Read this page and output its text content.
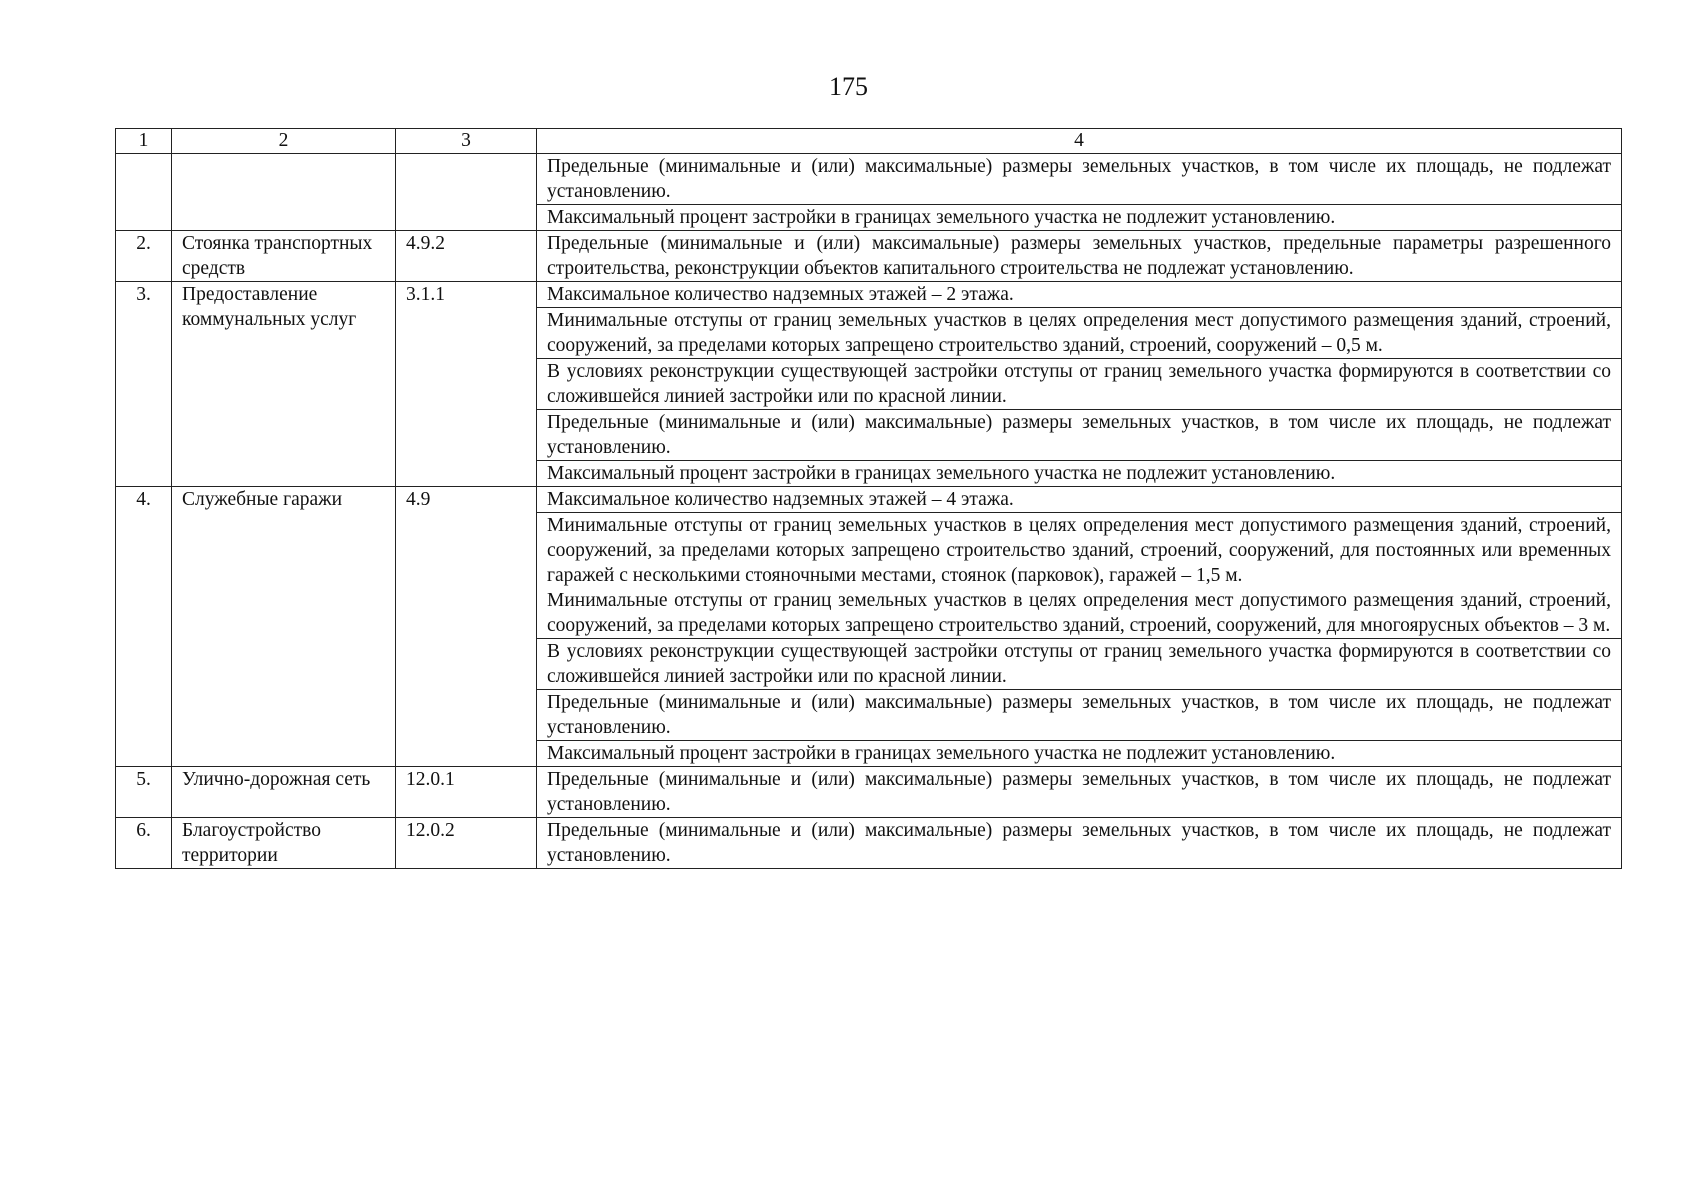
175
1	2	3	4
			Предельные (минимальные и (или) максимальные) размеры земельных участков, в том числе их площадь, не подлежат установлению.
			Максимальный процент застройки в границах земельного участка не подлежит установлению.
2.	Стоянка транспортных средств	4.9.2	Предельные (минимальные и (или) максимальные) размеры земельных участков, предельные параметры разрешенного строительства, реконструкции объектов капитального строительства не подлежат установлению.
3.	Предоставление коммунальных услуг	3.1.1	Максимальное количество надземных этажей – 2 этажа.
			Минимальные отступы от границ земельных участков в целях определения мест допустимого размещения зданий, строений, сооружений, за пределами которых запрещено строительство зданий, строений, сооружений – 0,5 м.
			В условиях реконструкции существующей застройки отступы от границ земельного участка формируются в соответствии со сложившейся линией застройки или по красной линии.
			Предельные (минимальные и (или) максимальные) размеры земельных участков, в том числе их площадь, не подлежат установлению.
			Максимальный процент застройки в границах земельного участка не подлежит установлению.
4.	Служебные гаражи	4.9	Максимальное количество надземных этажей – 4 этажа.

			Минимальные отступы от границ земельных участков в целях определения мест допустимого размещения зданий, строений, сооружений, за пределами которых запрещено строительство зданий, строений, сооружений, для постоянных или временных гаражей с несколькими стояночными местами, стоянок (парковок), гаражей – 1,5 м.
Минимальные отступы от границ земельных участков в целях определения мест допустимого размещения зданий, строений, сооружений, за пределами которых запрещено строительство зданий, строений, сооружений, для многоярусных объектов – 3 м.

			В условиях реконструкции существующей застройки отступы от границ земельного участка формируются в соответствии со сложившейся линией застройки или по красной линии.
			Предельные (минимальные и (или) максимальные) размеры земельных участков, в том числе их площадь, не подлежат установлению.
			Максимальный процент застройки в границах земельного участка не подлежит установлению.
5.	Улично-дорожная сеть	12.0.1	Предельные (минимальные и (или) максимальные) размеры земельных участков, в том числе их площадь, не подлежат установлению.
6.	Благоустройство территории	12.0.2	Предельные (минимальные и (или) максимальные) размеры земельных участков, в том числе их площадь, не подлежат установлению.
